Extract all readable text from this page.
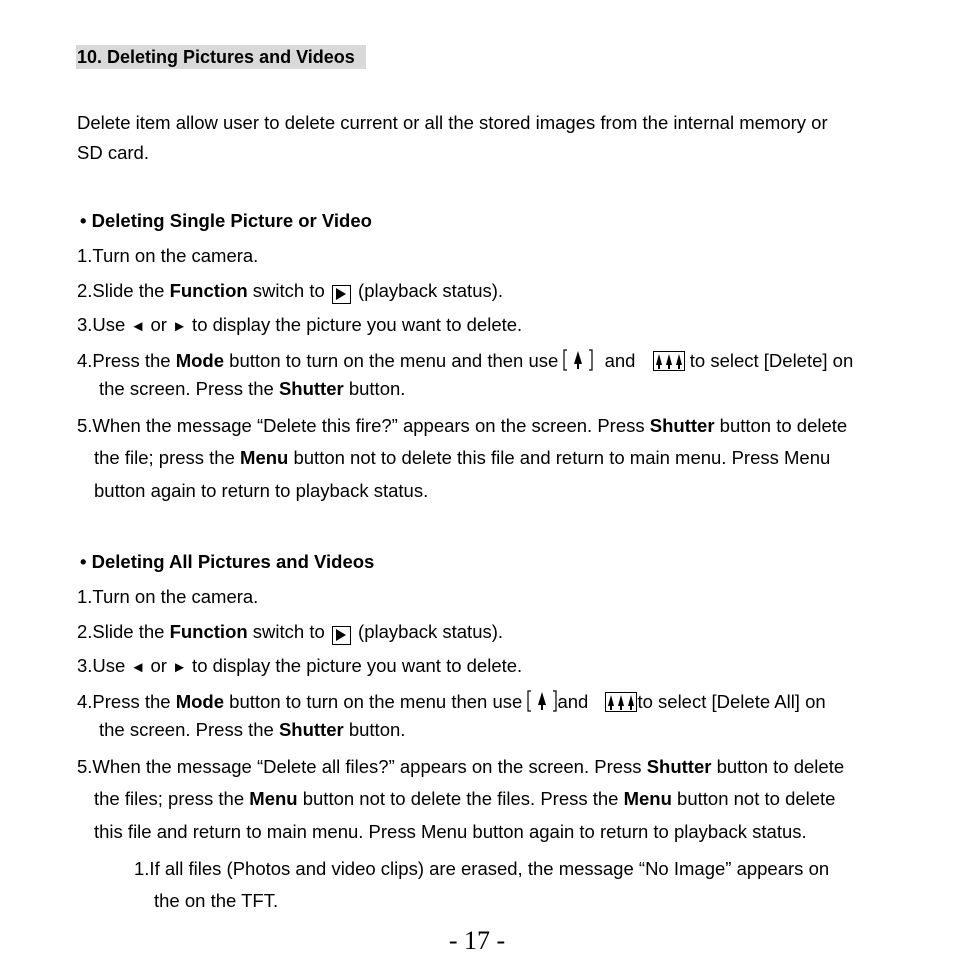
10. Deleting Pictures and Videos
Delete item allow user to delete current or all the stored images from the internal memory or
SD card.
• Deleting Single Picture or Video
1.Turn on the camera.
2.Slide the Function switch to  (playback status).
3.Use ◄ or ► to display the picture you want to delete.
4.Press the Mode button to turn on the menu and then use  and	to select [Delete] on
the screen. Press the Shutter button.
5.When the message “Delete this fire?” appears on the screen. Press Shutter button to delete
the file; press the Menu button not to delete this file and return to main menu. Press Menu
button again to return to playback status.
• Deleting All Pictures and Videos
1.Turn on the camera.
2.Slide the Function switch to  (playback status).
3.Use ◄ or ► to display the picture you want to delete.
4.Press the Mode button to turn on the menu then use and	to select [Delete All] on
the screen. Press the Shutter button.
5.When the message “Delete all files?” appears on the screen. Press Shutter button to delete
the files; press the Menu button not to delete the files. Press the Menu button not to delete
this file and return to main menu. Press Menu button again to return to playback status.
1.If all files (Photos and video clips) are erased, the message “No Image” appears on
the on the TFT.
- 17 -
